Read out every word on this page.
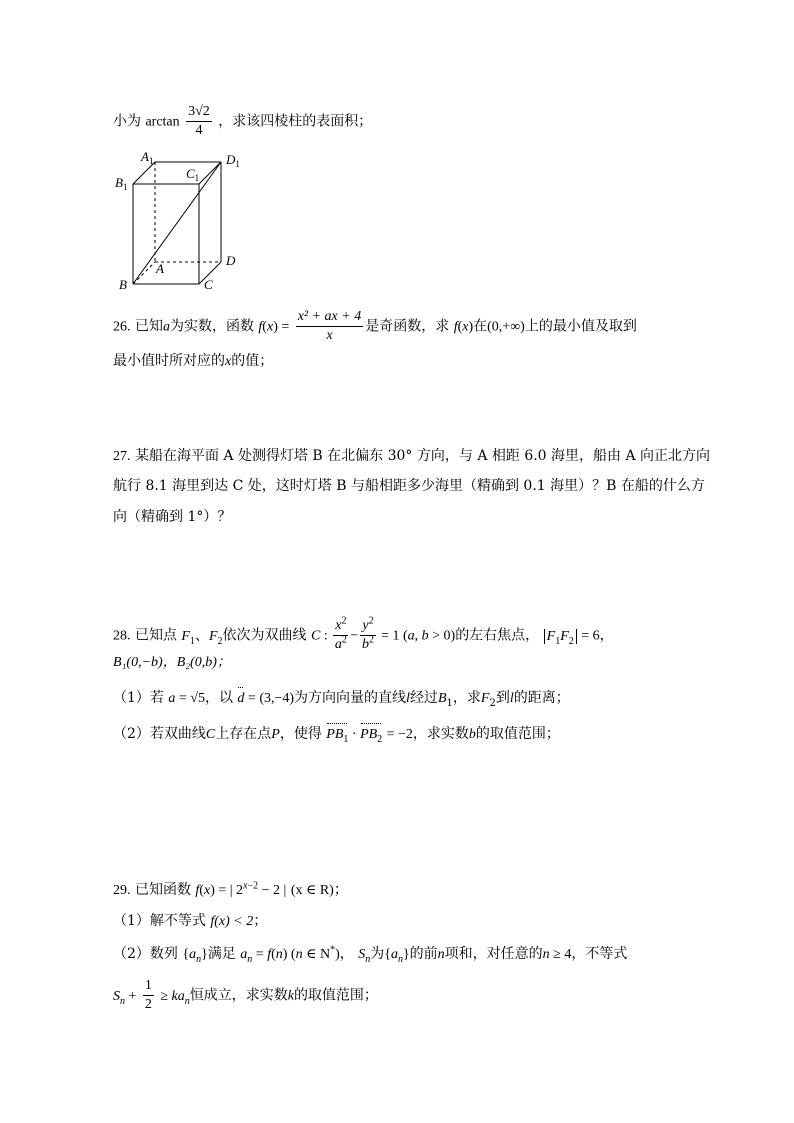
小为 $\arctan \frac{3√2}{4}$ ，求该四棱柱的表面积；
$A_1$
$B_1$
$C_1$
$D_1$
A
B	C
D
26. 已知a为实数，函数 $f(x) = \frac{\text{x² + ax + 4}}{x}$ 是奇函数，求 f(x)在(0,+∞)上的最小值及取到
最小值时所对应的x的值；
27. 某船在海平面 A 处测得灯塔 B 在北偏东 30° 方向，与 A 相距 6.0 海里，船由 A 向正北方向
航行 8.1 海里到达 C 处，这时灯塔 B 与船相距多少海里（精确到 0.1 海里）？B 在船的什么方
向（精确到 1°）？
28. 已知点 $F_1$、$F_2$依次为双曲线 C : $\frac{x^2}{a^2} - \frac{y^2}{b^2} = 1$ (a, b > 0)的左右焦点， $F_1F_2 = 6$，
B₁(0,−b)，B₂(0,b)；
（1）若 a = √5，以 d = (3,−4)为方向向量的直线l经过$B_1$，求$F_2$到l的距离；
（2）若双曲线C上存在点P，使得 $PB_1 \cdot PB_2 = -2$，求实数b的取值范围；
29. 已知函数 f(x) = | $2^{x-2} - 2$ | (x ∈ R)；
（1）解不等式 f(x) < 2；
（2）数列 $\{a_n\}$满足 $a_n = f(n)$ (n ∈ N*)， $S_n$为$\{a_n\}$的前n项和，对任意的n ≥ 4，不等式
$S_n + \frac{1}{2} \ge ka_n$恒成立，求实数k的取值范围；
